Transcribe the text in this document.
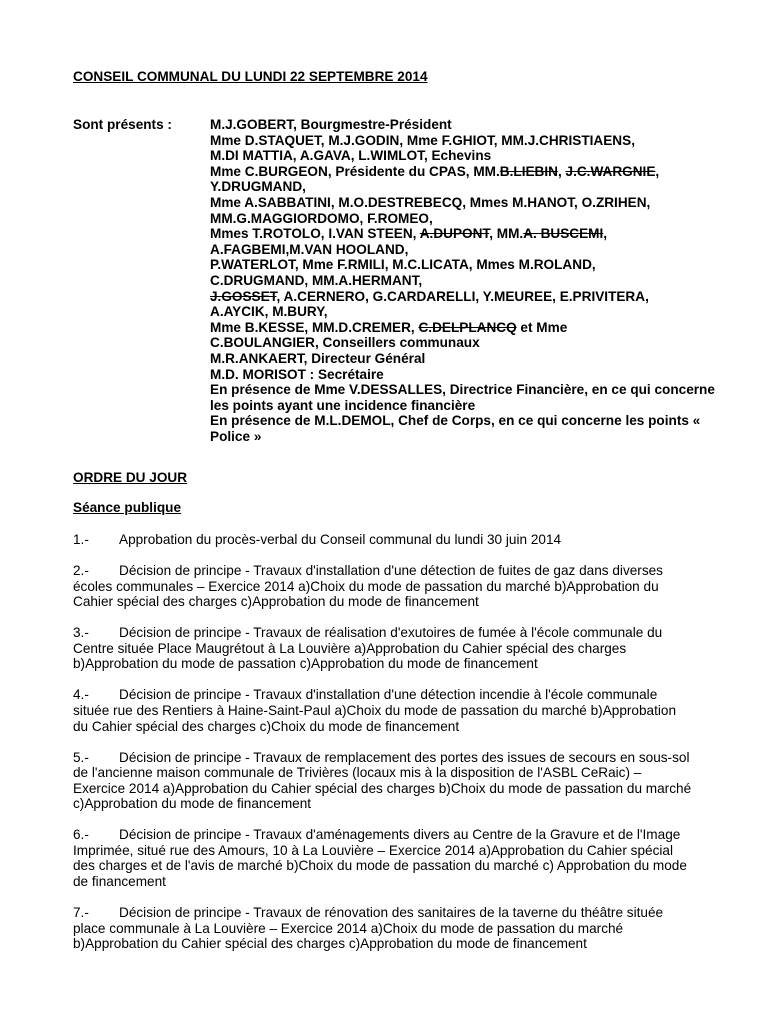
CONSEIL COMMUNAL DU LUNDI 22 SEPTEMBRE 2014
Sont présents :	M.J.GOBERT, Bourgmestre-Président
Mme D.STAQUET, M.J.GODIN, Mme F.GHIOT, MM.J.CHRISTIAENS,
M.DI MATTIA, A.GAVA, L.WIMLOT, Echevins
Mme C.BURGEON, Présidente du CPAS, MM.B.LIEBIN, J.C.WARGNIE,
Y.DRUGMAND,
Mme A.SABBATINI, M.O.DESTREBECQ, Mmes M.HANOT, O.ZRIHEN,
MM.G.MAGGIORDOMO, F.ROMEO,
Mmes T.ROTOLO, I.VAN STEEN, A.DUPONT, MM.A. BUSCEMI,
A.FAGBEMI,M.VAN HOOLAND,
P.WATERLOT, Mme F.RMILI, M.C.LICATA, Mmes M.ROLAND,
C.DRUGMAND, MM.A.HERMANT,
J.GOSSET, A.CERNERO, G.CARDARELLI, Y.MEUREE, E.PRIVITERA,
A.AYCIK, M.BURY,
Mme B.KESSE, MM.D.CREMER, C.DELPLANCQ et Mme
C.BOULANGIER, Conseillers communaux
M.R.ANKAERT, Directeur Général
M.D. MORISOT : Secrétaire
En présence de Mme V.DESSALLES, Directrice Financière, en ce qui concerne les points ayant une incidence financière
En présence de M.L.DEMOL, Chef de Corps, en ce qui concerne les points « Police »
ORDRE DU JOUR
Séance publique
1.- Approbation du procès-verbal du Conseil communal du lundi 30 juin 2014
2.- Décision de principe - Travaux d'installation d'une détection de fuites de gaz dans diverses écoles communales – Exercice 2014 a)Choix du mode de passation du marché b)Approbation du Cahier spécial des charges c)Approbation du mode de financement
3.- Décision de principe - Travaux de réalisation d'exutoires de fumée à l'école communale du Centre située Place Maugrétout à La Louvière a)Approbation du Cahier spécial des charges b)Approbation du mode de passation c)Approbation du mode de financement
4.- Décision de principe - Travaux d'installation d'une détection incendie à l'école communale située rue des Rentiers à Haine-Saint-Paul a)Choix du mode de passation du marché b)Approbation du Cahier spécial des charges c)Choix du mode de financement
5.- Décision de principe - Travaux de remplacement des portes des issues de secours en sous-sol de l'ancienne maison communale de Trivières (locaux mis à la disposition de l'ASBL CeRaic) – Exercice 2014 a)Approbation du Cahier spécial des charges b)Choix du mode de passation du marché c)Approbation du mode de financement
6.- Décision de principe - Travaux d'aménagements divers au Centre de la Gravure et de l'Image Imprimée, situé rue des Amours, 10 à La Louvière – Exercice 2014 a)Approbation du Cahier spécial des charges et de l'avis de marché b)Choix du mode de passation du marché c) Approbation du mode de financement
7.- Décision de principe - Travaux de rénovation des sanitaires de la taverne du théâtre située place communale à La Louvière – Exercice 2014 a)Choix du mode de passation du marché b)Approbation du Cahier spécial des charges c)Approbation du mode de financement
